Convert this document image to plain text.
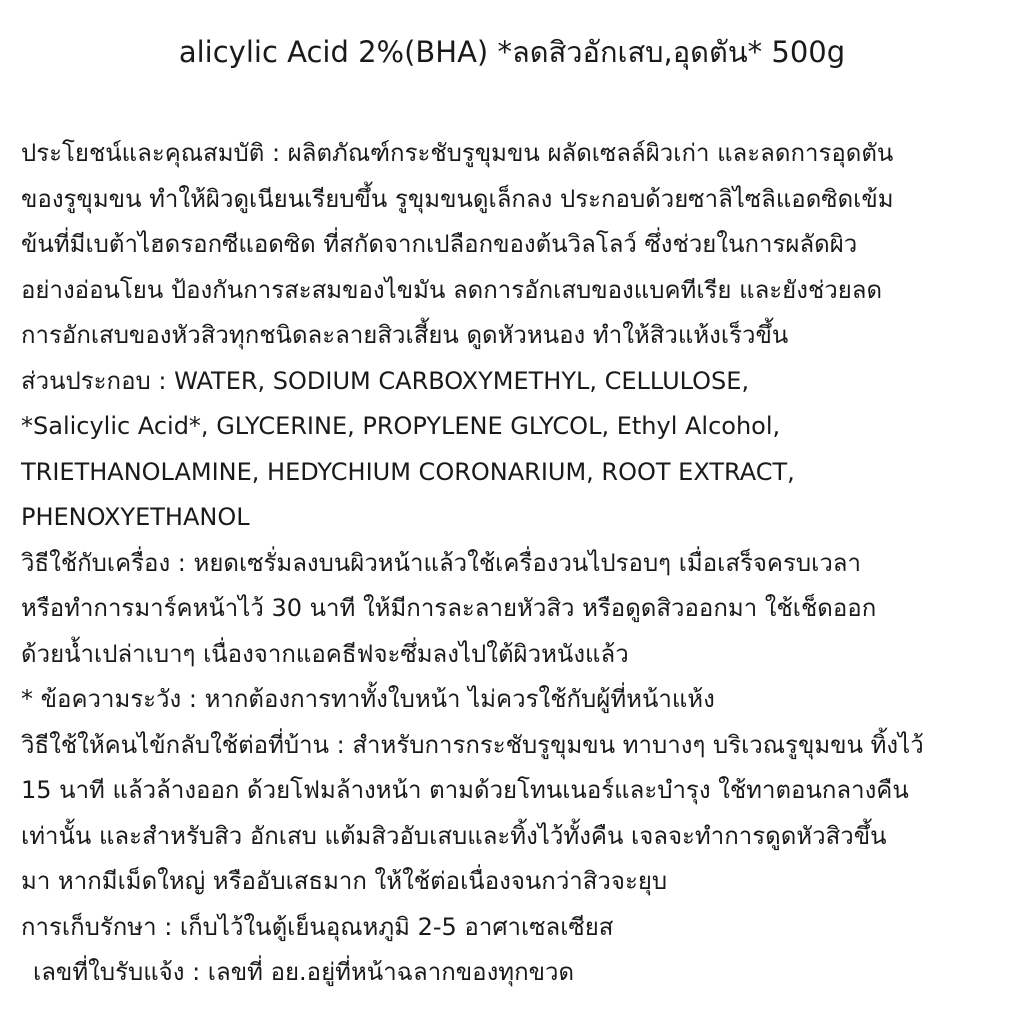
alicylic Acid 2%(BHA) *ลดสิวอักเสบ,อุดตัน* 500g
ประโยชน์และคุณสมบัติ : ผลิตภัณฑ์กระชับรูขุมขน ผลัดเซลล์ผิวเก่า และลดการอุดตัน
ของรูขุมขน ทำให้ผิวดูเนียนเรียบขึ้น รูขุมขนดูเล็กลง ประกอบด้วยซาลิไซลิแอดซิดเข้ม
ข้นที่มีเบต้าไฮดรอกซีแอดซิด ที่สกัดจากเปลือกของต้นวิลโลว์ ซึ่งช่วยในการผลัดผิว
อย่างอ่อนโยน ป้องกันการสะสมของไขมัน ลดการอักเสบของแบคทีเรีย และยังช่วยลด
การอักเสบของหัวสิวทุกชนิดละลายสิวเสี้ยน ดูดหัวหนอง ทำให้สิวแห้งเร็วขึ้น
ส่วนประกอบ : WATER, SODIUM CARBOXYMETHYL, CELLULOSE,
*Salicylic Acid*, GLYCERINE, PROPYLENE GLYCOL, Ethyl Alcohol,
TRIETHANOLAMINE, HEDYCHIUM CORONARIUM, ROOT EXTRACT,
PHENOXYETHANOL
วิธีใช้กับเครื่อง : หยดเซรั่มลงบนผิวหน้าแล้วใช้เครื่องวนไปรอบๆ เมื่อเสร็จครบเวลา
หรือทำการมาร์คหน้าไว้ 30 นาที ให้มีการละลายหัวสิว หรือดูดสิวออกมา ใช้เช็ดออก
ด้วยน้ำเปล่าเบาๆ เนื่องจากแอคธีฟจะซึ่มลงไปใต้ผิวหนังแล้ว
* ข้อความระวัง : หากต้องการทาทั้งใบหน้า ไม่ควรใช้กับผู้ที่หน้าแห้ง
วิธีใช้ให้คนไข้กลับใช้ต่อที่บ้าน : สำหรับการกระชับรูขุมขน ทาบางๆ บริเวณรูขุมขน ทิ้งไว้
15 นาที แล้วล้างออก ด้วยโฟมล้างหน้า ตามด้วยโทนเนอร์และบำรุง ใช้ทาตอนกลางคืน
เท่านั้น และสำหรับสิว อักเสบ แต้มสิวอับเสบและทิ้งไว้ทั้งคืน เจลจะทำการดูดหัวสิวขึ้น
มา หากมีเม็ดใหญ่ หรืออับเสธมาก ให้ใช้ต่อเนื่องจนกว่าสิวจะยุบ
การเก็บรักษา : เก็บไว้ในตู้เย็นอุณหภูมิ 2-5 อาศาเซลเซียส
เลขที่ใบรับแจ้ง : เลขที่ อย.อยู่ที่หน้าฉลากของทุกขวด
